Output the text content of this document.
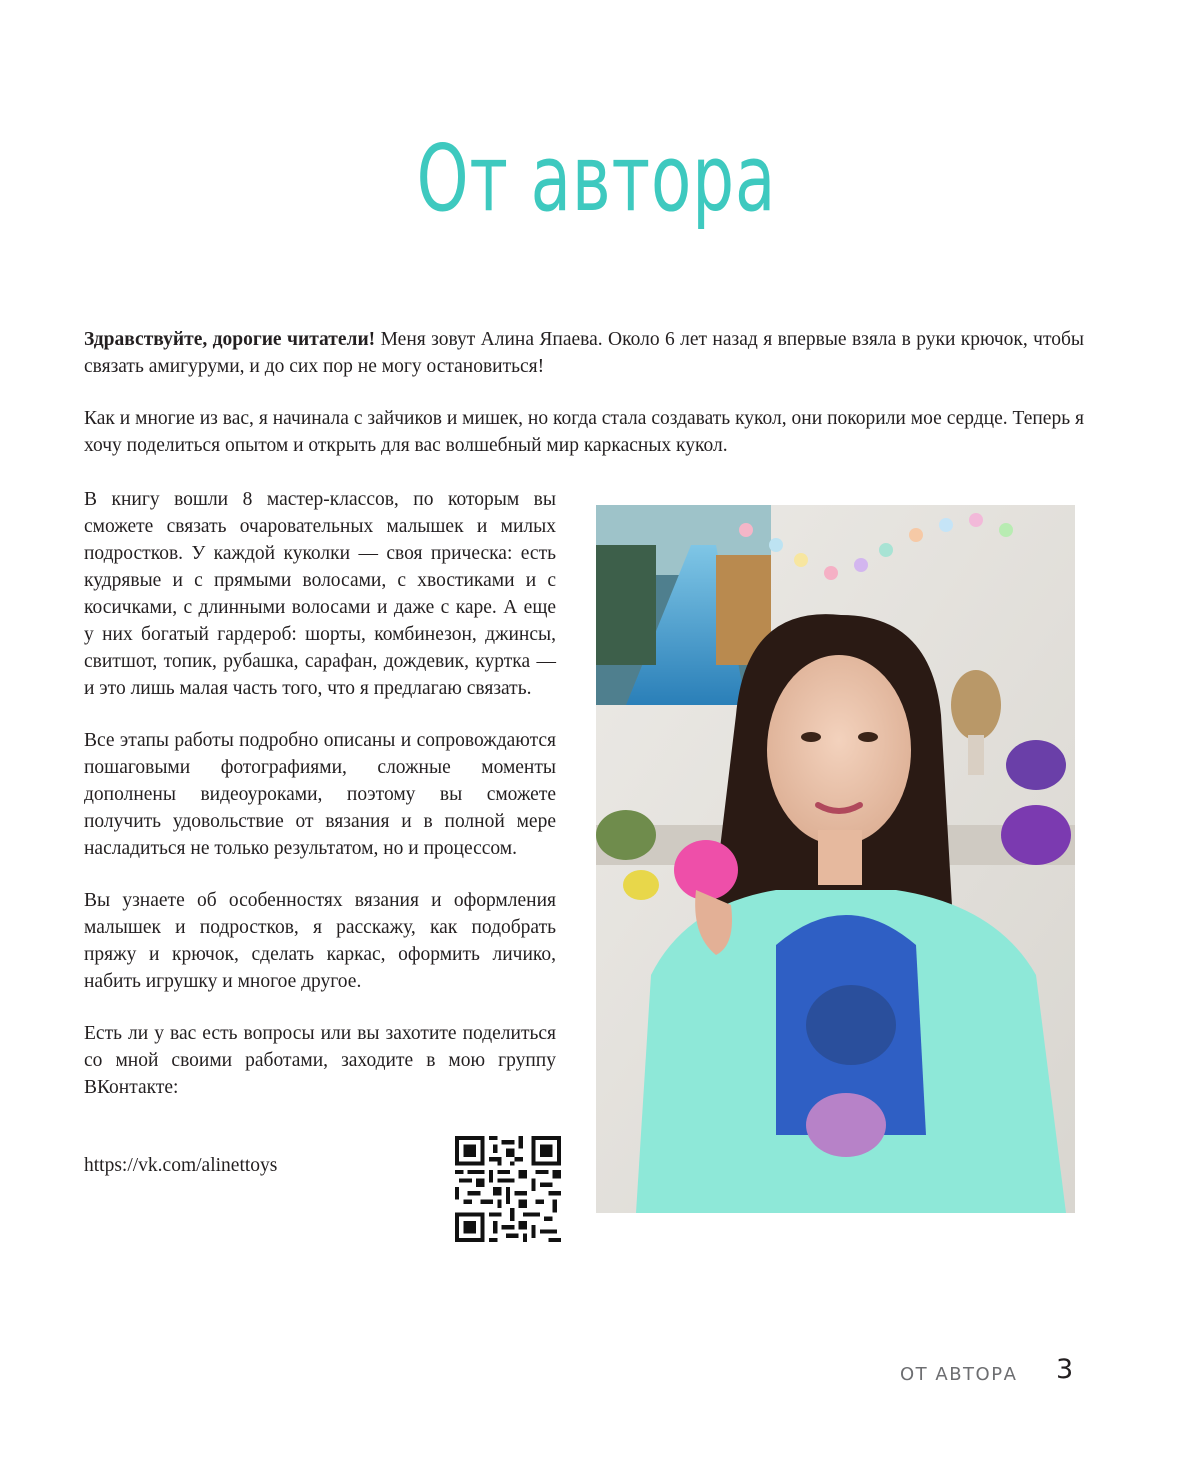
От автора

Здравствуйте, дорогие читатели! Меня зовут Алина Япаева. Около 6 лет назад я впервые взяла в руки крючок, чтобы связать амигуруми, и до сих пор не могу остановиться!

Как и многие из вас, я начинала с зайчиков и мишек, но когда стала создавать кукол, они покорили мое сердце. Теперь я хочу поделиться опытом и открыть для вас волшебный мир каркасных кукол.

В книгу вошли 8 мастер-классов, по которым вы сможете связать очаровательных малышек и милых подростков. У каждой куколки — своя прическа: есть кудрявые и с прямыми волосами, с хвостиками и с косичками, с длинными волосами и даже с каре. А еще у них богатый гардероб: шорты, комбинезон, джинсы, свитшот, топик, рубашка, сарафан, дождевик, куртка — и это лишь малая часть того, что я предлагаю связать.

Все этапы работы подробно описаны и сопровождаются пошаговыми фотографиями, сложные моменты дополнены видеоуроками, поэтому вы сможете получить удовольствие от вязания и в полной мере насладиться не только результатом, но и процессом.

Вы узнаете об особенностях вязания и оформления малышек и подростков, я расскажу, как подобрать пряжу и крючок, сделать каркас, оформить личико, набить игрушку и многое другое.

Есть ли у вас есть вопросы или вы захотите поделиться со мной своими работами, заходите в мою группу ВКонтакте:

https://vk.com/alinettoys
ОТ АВТОРА 3
